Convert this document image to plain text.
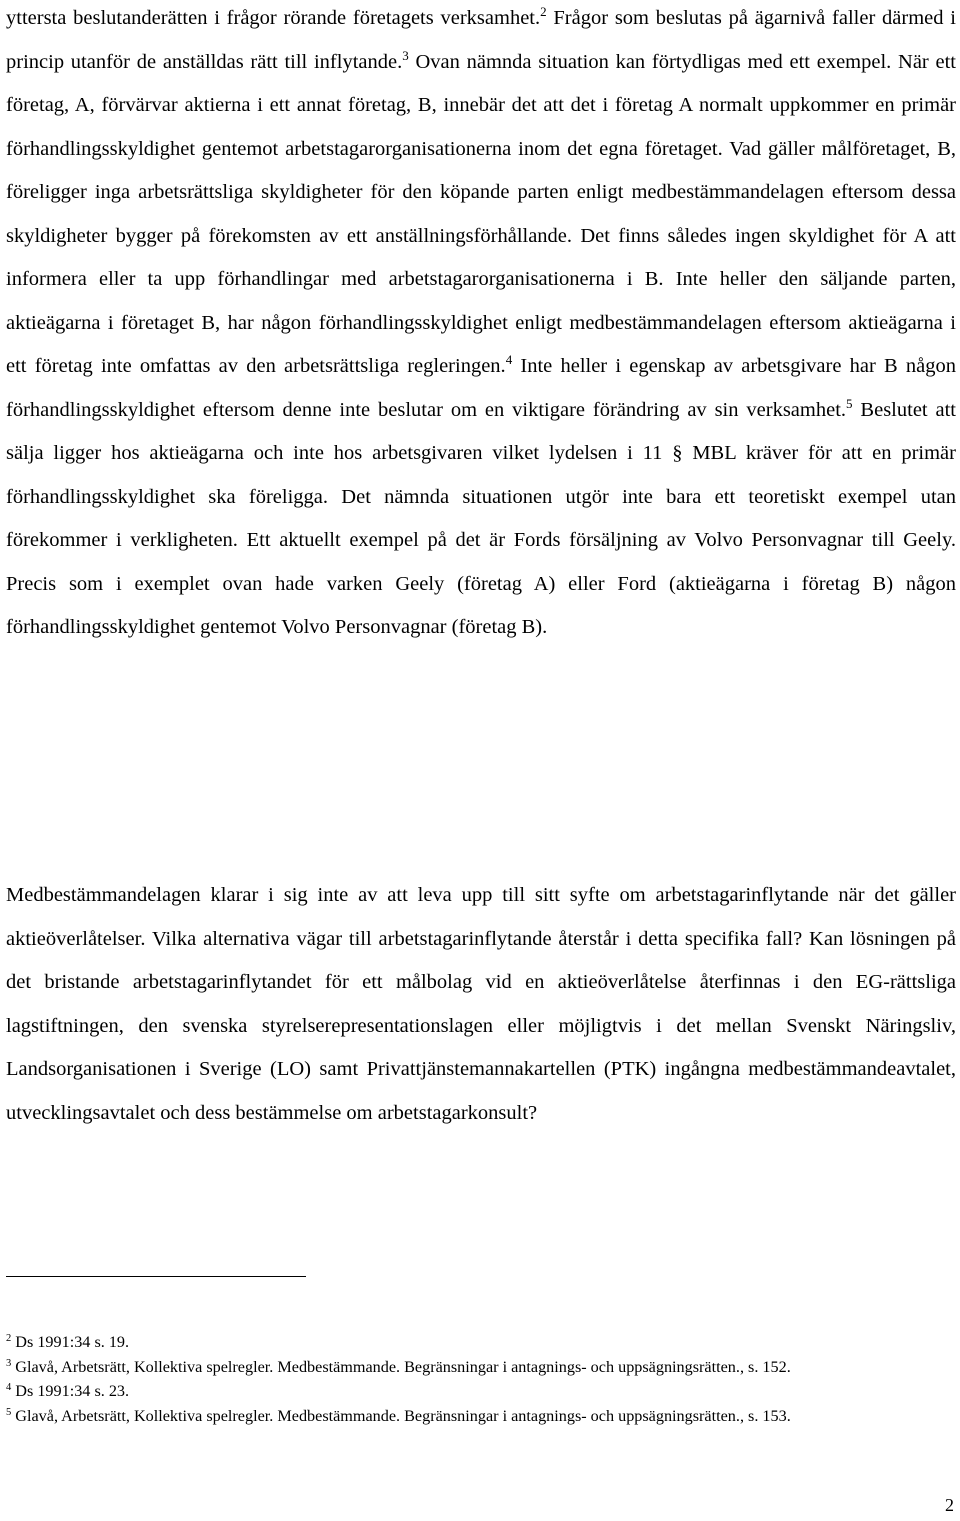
yttersta beslutanderätten i frågor rörande företagets verksamhet.$^2$ Frågor som beslutas på ägarnivå faller därmed i princip utanför de anställdas rätt till inflytande.$^3$ Ovan nämnda situation kan förtydligas med ett exempel. När ett företag, A, förvärvar aktierna i ett annat företag, B, innebär det att det i företag A normalt uppkommer en primär förhandlingsskyldighet gentemot arbetstagarorganisationerna inom det egna företaget. Vad gäller målföretaget, B, föreligger inga arbetsrättsliga skyldigheter för den köpande parten enligt medbestämmandelagen eftersom dessa skyldigheter bygger på förekomsten av ett anställningsförhållande. Det finns således ingen skyldighet för A att informera eller ta upp förhandlingar med arbetstagarorganisationerna i B. Inte heller den säljande parten, aktieägarna i företaget B, har någon förhandlingsskyldighet enligt medbestämmandelagen eftersom aktieägarna i ett företag inte omfattas av den arbetsrättsliga regleringen.$^4$ Inte heller i egenskap av arbetsgivare har B någon förhandlingsskyldighet eftersom denne inte beslutar om en viktigare förändring av sin verksamhet.$^5$ Beslutet att sälja ligger hos aktieägarna och inte hos arbetsgivaren vilket lydelsen i 11 § MBL kräver för att en primär förhandlingsskyldighet ska föreligga. Det nämnda situationen utgör inte bara ett teoretiskt exempel utan förekommer i verkligheten. Ett aktuellt exempel på det är Fords försäljning av Volvo Personvagnar till Geely. Precis som i exemplet ovan hade varken Geely (företag A) eller Ford (aktieägarna i företag B) någon förhandlingsskyldighet gentemot Volvo Personvagnar (företag B).

Medbestämmandelagen klarar i sig inte av att leva upp till sitt syfte om arbetstagarinflytande när det gäller aktieöverlåtelser. Vilka alternativa vägar till arbetstagarinflytande återstår i detta specifika fall? Kan lösningen på det bristande arbetstagarinflytandet för ett målbolag vid en aktieöverlåtelse återfinnas i den EG-rättsliga lagstiftningen, den svenska styrelserepresentationslagen eller möjligtvis i det mellan Svenskt Näringsliv, Landsorganisationen i Sverige (LO) samt Privattjänstemannakartellen (PTK) ingångna medbestämmandeavtalet, utvecklingsavtalet och dess bestämmelse om arbetstagarkonsult?

$^2$ Ds 1991:34 s. 19.

$^3$ Glavå, Arbetsrätt, Kollektiva spelregler. Medbestämmande. Begränsningar i antagnings- och uppsägningsrätten., s. 152.

$^4$ Ds 1991:34 s. 23.

$^5$ Glavå, Arbetsrätt, Kollektiva spelregler. Medbestämmande. Begränsningar i antagnings- och uppsägningsrätten., s. 153.

2
